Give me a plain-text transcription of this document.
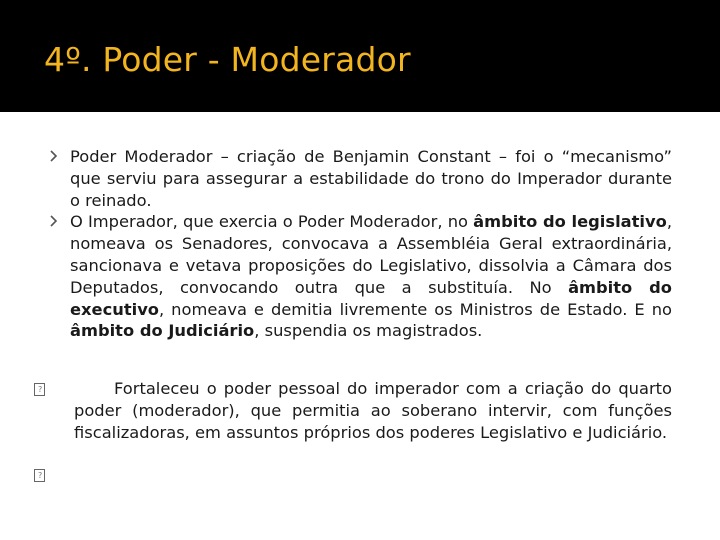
4º. Poder - Moderador
Poder Moderador – criação de Benjamin Constant – foi o “mecanismo” que serviu para assegurar a estabilidade do trono do Imperador durante o reinado.
O Imperador, que exercia o Poder Moderador, no âmbito do legislativo, nomeava os Senadores, convocava a Assembléia Geral extraordinária, sancionava e vetava proposições do Legislativo, dissolvia a Câmara dos Deputados, convocando outra que a substituía. No âmbito do executivo, nomeava e demitia livremente os Ministros de Estado. E no âmbito do Judiciário, suspendia os magistrados.
?	Fortaleceu o poder pessoal do imperador com a criação do quarto poder (moderador), que permitia ao soberano intervir, com funções fiscalizadoras, em assuntos próprios dos poderes Legislativo e Judiciário.
?
